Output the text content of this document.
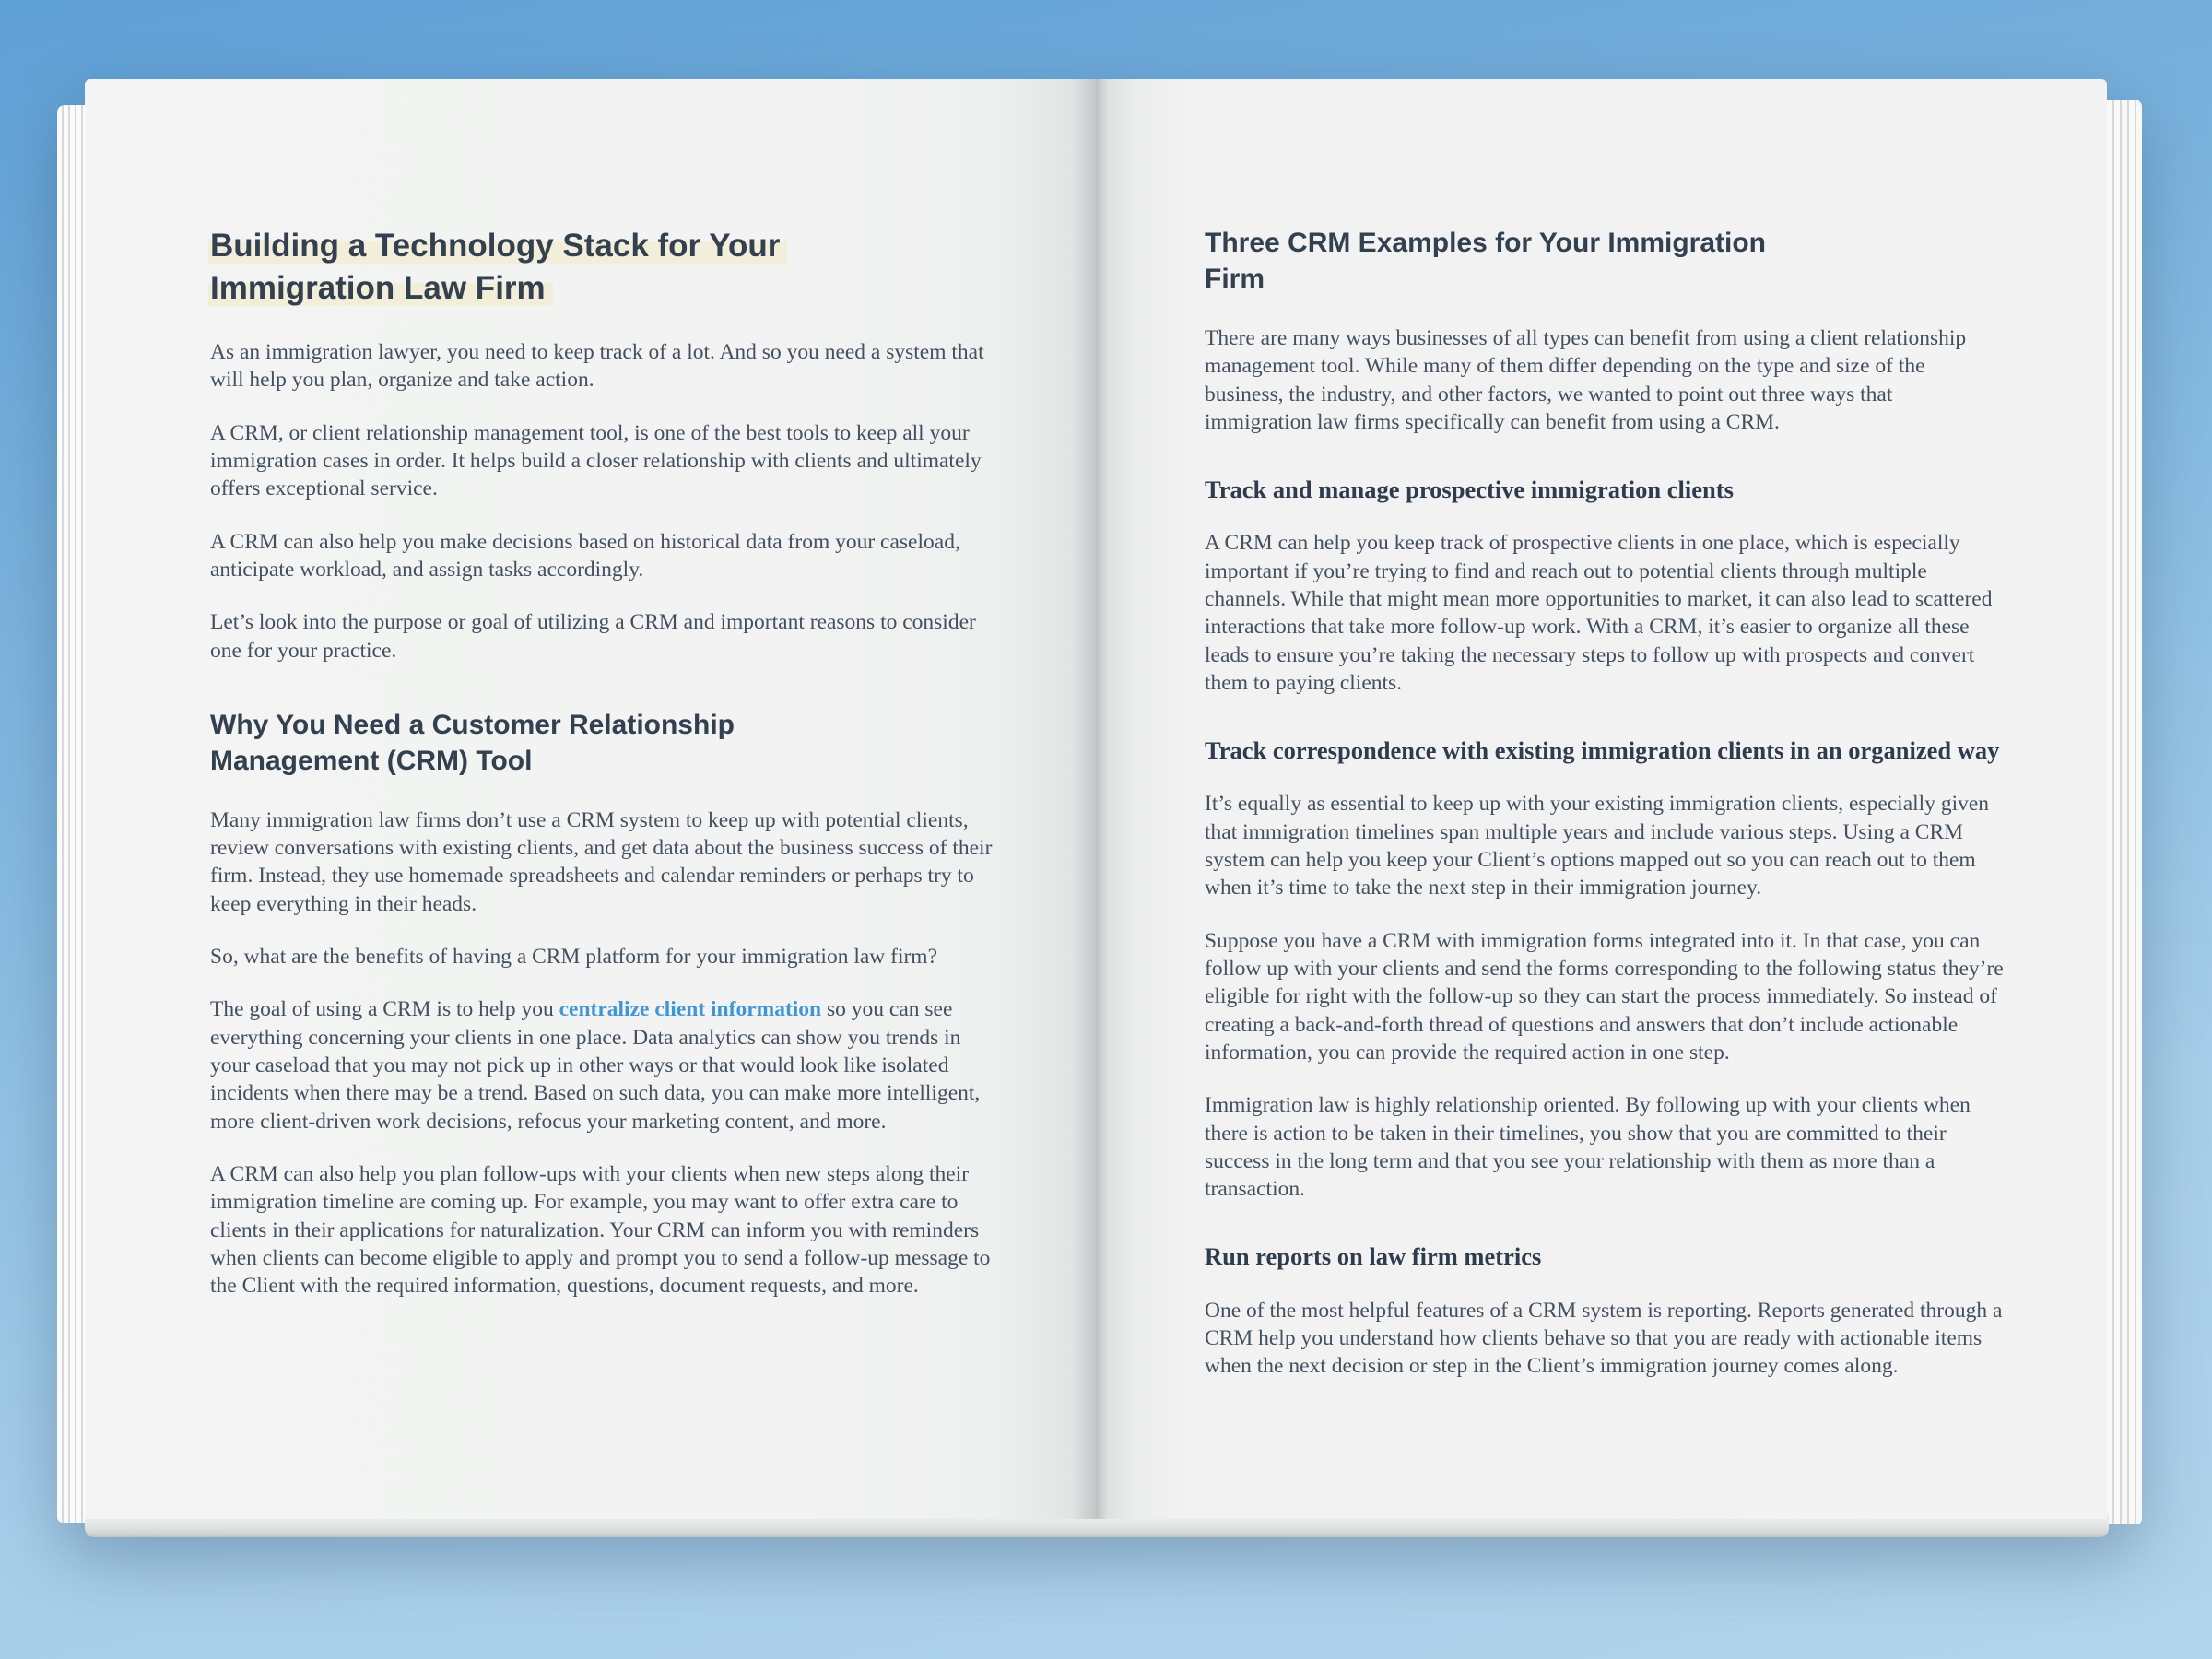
Building a Technology Stack for Your Immigration Law Firm

As an immigration lawyer, you need to keep track of a lot. And so you need a system that will help you plan, organize and take action.

A CRM, or client relationship management tool, is one of the best tools to keep all your immigration cases in order. It helps build a closer relationship with clients and ultimately offers exceptional service.

A CRM can also help you make decisions based on historical data from your caseload, anticipate workload, and assign tasks accordingly.

Let’s look into the purpose or goal of utilizing a CRM and important reasons to consider one for your practice.

Why You Need a Customer Relationship Management (CRM) Tool

Many immigration law firms don’t use a CRM system to keep up with potential clients, review conversations with existing clients, and get data about the business success of their firm. Instead, they use homemade spreadsheets and calendar reminders or perhaps try to keep everything in their heads.

So, what are the benefits of having a CRM platform for your immigration law firm?

The goal of using a CRM is to help you centralize client information so you can see everything concerning your clients in one place. Data analytics can show you trends in your caseload that you may not pick up in other ways or that would look like isolated incidents when there may be a trend. Based on such data, you can make more intelligent, more client-driven work decisions, refocus your marketing content, and more.

A CRM can also help you plan follow-ups with your clients when new steps along their immigration timeline are coming up. For example, you may want to offer extra care to clients in their applications for naturalization. Your CRM can inform you with reminders when clients can become eligible to apply and prompt you to send a follow-up message to the Client with the required information, questions, document requests, and more.

Three CRM Examples for Your Immigration Firm

There are many ways businesses of all types can benefit from using a client relationship management tool. While many of them differ depending on the type and size of the business, the industry, and other factors, we wanted to point out three ways that immigration law firms specifically can benefit from using a CRM.

Track and manage prospective immigration clients

A CRM can help you keep track of prospective clients in one place, which is especially important if you’re trying to find and reach out to potential clients through multiple channels. While that might mean more opportunities to market, it can also lead to scattered interactions that take more follow-up work. With a CRM, it’s easier to organize all these leads to ensure you’re taking the necessary steps to follow up with prospects and convert them to paying clients.

Track correspondence with existing immigration clients in an organized way

It’s equally as essential to keep up with your existing immigration clients, especially given that immigration timelines span multiple years and include various steps. Using a CRM system can help you keep your Client’s options mapped out so you can reach out to them when it’s time to take the next step in their immigration journey.

Suppose you have a CRM with immigration forms integrated into it. In that case, you can follow up with your clients and send the forms corresponding to the following status they’re eligible for right with the follow-up so they can start the process immediately. So instead of creating a back-and-forth thread of questions and answers that don’t include actionable information, you can provide the required action in one step.

Immigration law is highly relationship oriented. By following up with your clients when there is action to be taken in their timelines, you show that you are committed to their success in the long term and that you see your relationship with them as more than a transaction.

Run reports on law firm metrics

One of the most helpful features of a CRM system is reporting. Reports generated through a CRM help you understand how clients behave so that you are ready with actionable items when the next decision or step in the Client’s immigration journey comes along.
